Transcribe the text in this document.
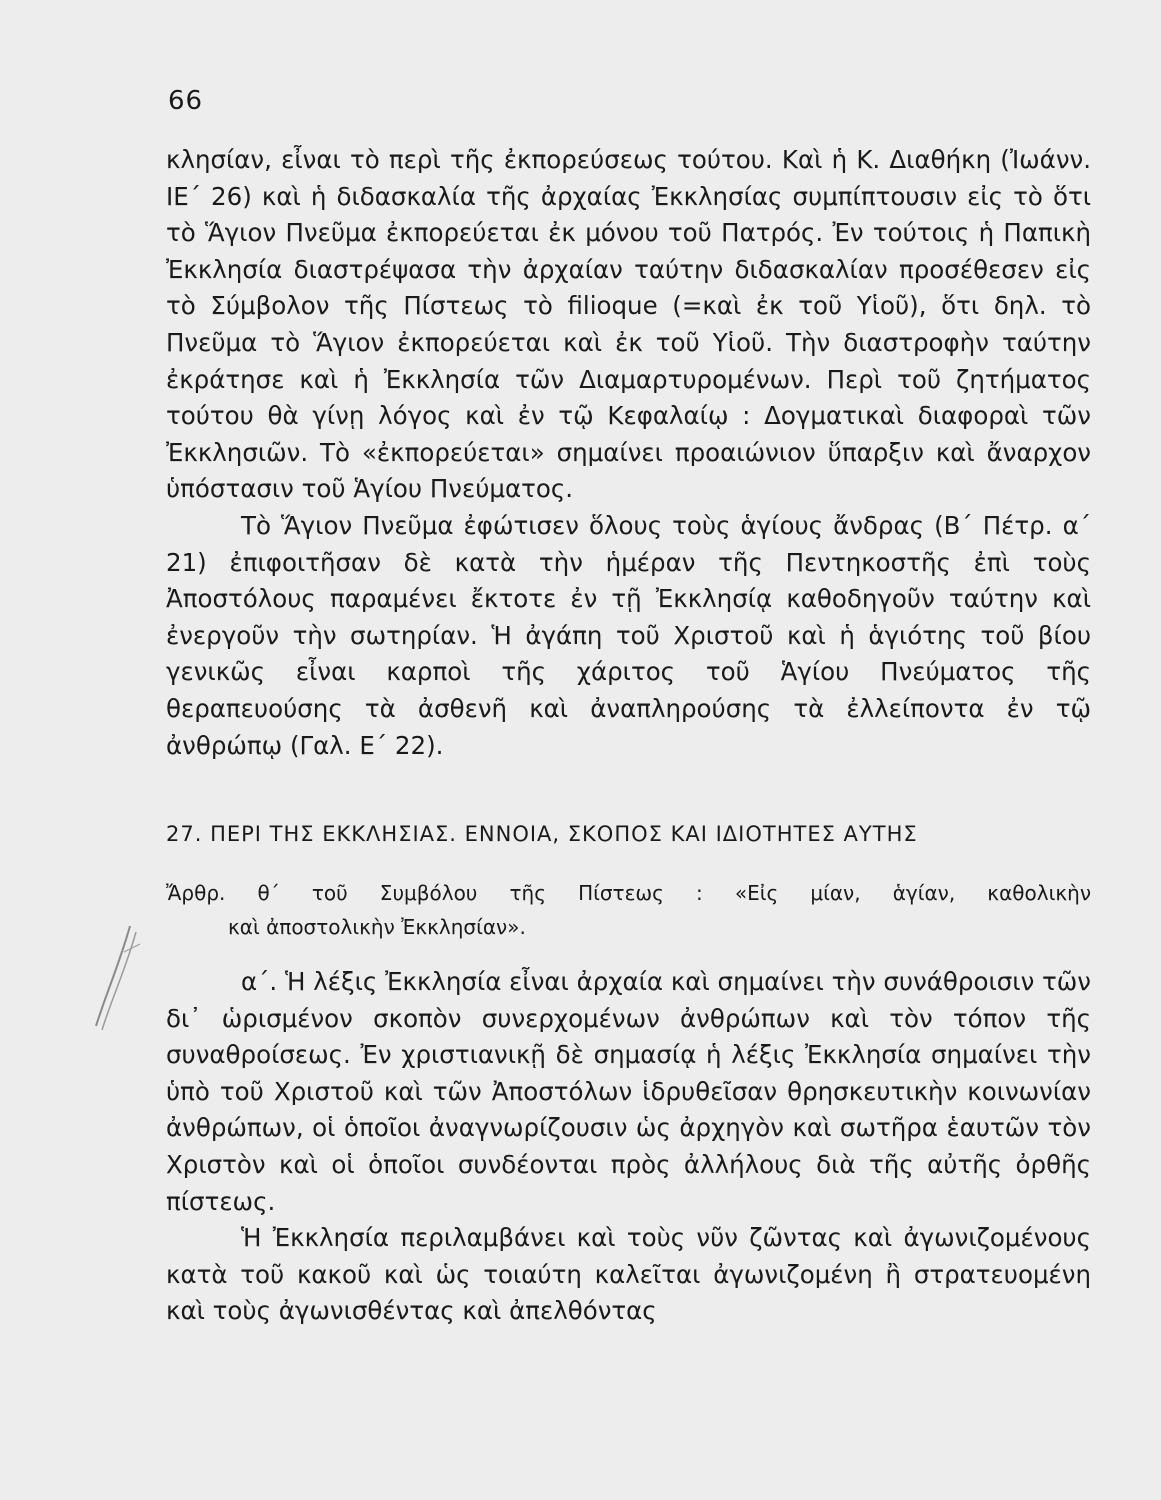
66

κλησίαν, εἶναι τὸ περὶ τῆς ἐκπορεύσεως τούτου. Καὶ ἡ Κ. Διαθήκη (Ἰωάνν. ΙΕ΄ 26) καὶ ἡ διδασκαλία τῆς ἀρχαίας Ἐκκλησίας συμπίπτουσιν εἰς τὸ ὅτι τὸ Ἅγιον Πνεῦμα ἐκπορεύεται ἐκ μόνου τοῦ Πατρός. Ἐν τούτοις ἡ Παπικὴ Ἐκκλησία διαστρέψασα τὴν ἀρχαίαν ταύτην διδασκαλίαν προσέθεσεν εἰς τὸ Σύμβολον τῆς Πίστεως τὸ filioque (=καὶ ἐκ τοῦ Υἱοῦ), ὅτι δηλ. τὸ Πνεῦμα τὸ Ἅγιον ἐκπορεύεται καὶ ἐκ τοῦ Υἱοῦ. Τὴν διαστροφὴν ταύτην ἐκράτησε καὶ ἡ Ἐκκλησία τῶν Διαμαρτυρομένων. Περὶ τοῦ ζητήματος τούτου θὰ γίνῃ λόγος καὶ ἐν τῷ Κεφαλαίῳ : Δογματικαὶ διαφοραὶ τῶν Ἐκκλησιῶν. Τὸ «ἐκπορεύεται» σημαίνει προαιώνιον ὕπαρξιν καὶ ἄναρχον ὑπόστασιν τοῦ Ἁγίου Πνεύματος.

Τὸ Ἅγιον Πνεῦμα ἐφώτισεν ὅλους τοὺς ἁγίους ἄνδρας (Β΄ Πέτρ. α΄ 21) ἐπιφοιτῆσαν δὲ κατὰ τὴν ἡμέραν τῆς Πεντηκοστῆς ἐπὶ τοὺς Ἀποστόλους παραμένει ἔκτοτε ἐν τῇ Ἐκκλησίᾳ καθοδηγοῦν ταύτην καὶ ἐνεργοῦν τὴν σωτηρίαν. Ἡ ἀγάπη τοῦ Χριστοῦ καὶ ἡ ἁγιότης τοῦ βίου γενικῶς εἶναι καρποὶ τῆς χάριτος τοῦ Ἁγίου Πνεύματος τῆς θεραπευούσης τὰ ἀσθενῆ καὶ ἀναπληρούσης τὰ ἐλλείποντα ἐν τῷ ἀνθρώπῳ (Γαλ. Ε΄ 22).

27. ΠΕΡΙ ΤΗΣ ΕΚΚΛΗΣΙΑΣ. ΕΝΝΟΙΑ, ΣΚΟΠΟΣ ΚΑΙ ΙΔΙΟΤΗΤΕΣ ΑΥΤΗΣ
Ἄρθρ. θ΄ τοῦ Συμβόλου τῆς Πίστεως : «Εἰς μίαν, ἁγίαν, καθολικὴν
καὶ ἀποστολικὴν Ἐκκλησίαν».

α΄. Ἡ λέξις Ἐκκλησία εἶναι ἀρχαία καὶ σημαίνει τὴν συνάθροισιν τῶν δι᾽ ὡρισμένον σκοπὸν συνερχομένων ἀνθρώπων καὶ τὸν τόπον τῆς συναθροίσεως. Ἐν χριστιανικῇ δὲ σημασίᾳ ἡ λέξις Ἐκκλησία σημαίνει τὴν ὑπὸ τοῦ Χριστοῦ καὶ τῶν Ἀποστόλων ἱδρυθεῖσαν θρησκευτικὴν κοινωνίαν ἀνθρώπων, οἱ ὁποῖοι ἀναγνωρίζουσιν ὡς ἀρχηγὸν καὶ σωτῆρα ἑαυτῶν τὸν Χριστὸν καὶ οἱ ὁποῖοι συνδέονται πρὸς ἀλλήλους διὰ τῆς αὐτῆς ὀρθῆς πίστεως.

Ἡ Ἐκκλησία περιλαμβάνει καὶ τοὺς νῦν ζῶντας καὶ ἀγωνιζομένους κατὰ τοῦ κακοῦ καὶ ὡς τοιαύτη καλεῖται ἀγωνιζομένη ἢ στρατευομένη καὶ τοὺς ἀγωνισθέντας καὶ ἀπελθόντας
